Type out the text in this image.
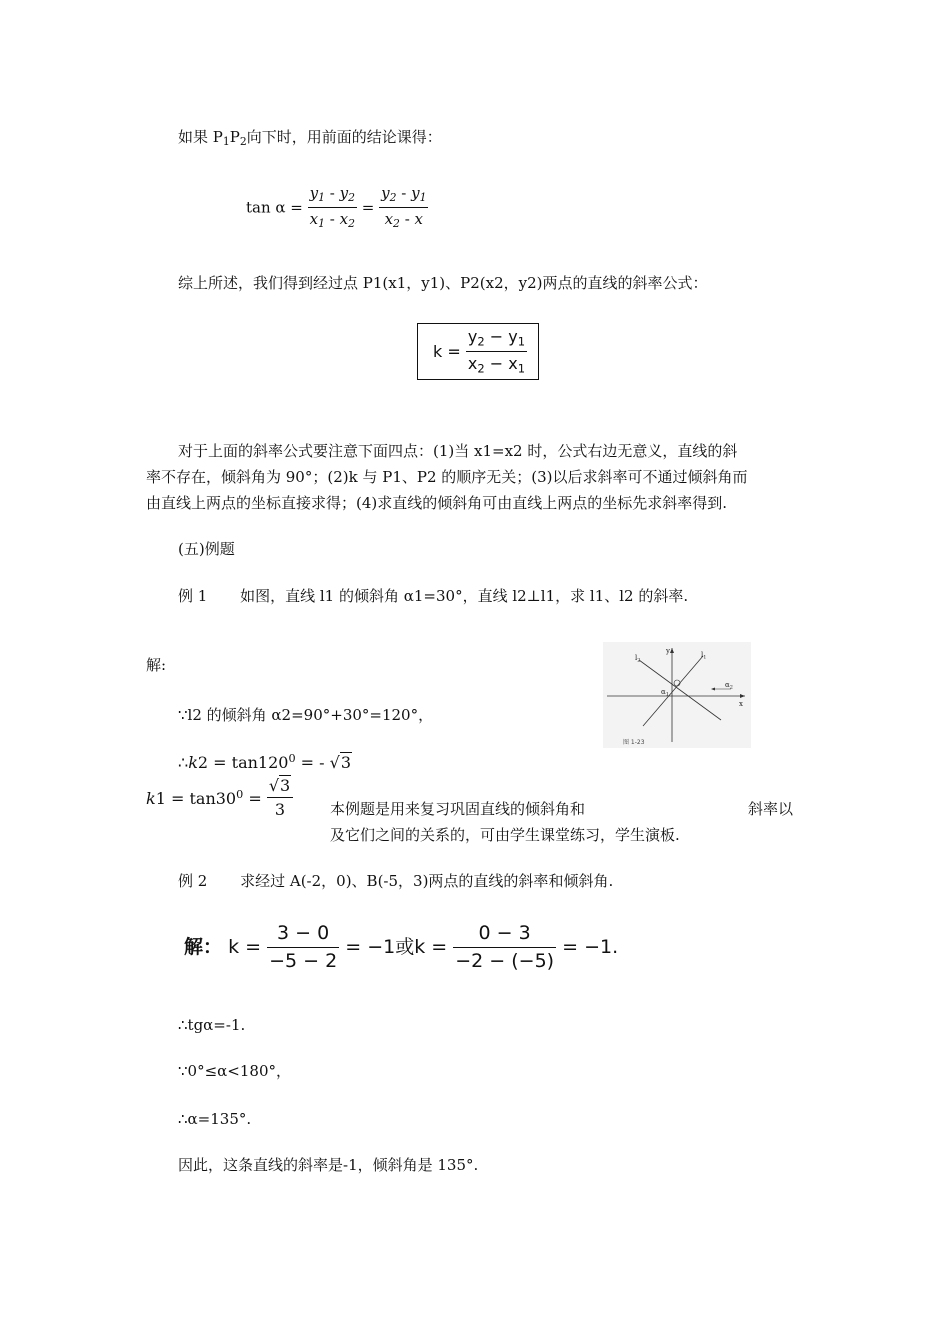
如果 $P_1P_2$向下时，用前面的结论课得：
$\tan \alpha = \frac{y_1 - y_2}{x_1 - x_2} = \frac{y_2 - y_1}{x_2 - x}$
综上所述，我们得到经过点 P1(x1，y1)、P2(x2，y2)两点的直线的斜率公式：
$k = \frac{y_2 - y_1}{x_2 - x_1}$
对于上面的斜率公式要注意下面四点：(1)当 x1=x2 时，公式右边无意义，直线的斜
率不存在，倾斜角为 90°；(2)k 与 P1、P2 的顺序无关；(3)以后求斜率可不通过倾斜角而
由直线上两点的坐标直接求得；(4)求直线的倾斜角可由直线上两点的坐标先求斜率得到.
(五)例题
例 1 如图，直线 l1 的倾斜角 α1=30°，直线 l2⊥l1，求 l1、l2 的斜率.
解:
∵l2 的倾斜角 α2=90°+30°=120°，
∴k2 = $\tan 120^0$ = - √3
$k1 = \tan 30^0 = \frac{√3}{3}$ 本例题是用来复习巩固直线的倾斜角和	斜率以
及它们之间的关系的，可由学生课堂练习，学生演板.
y
x
$l_1$
$l_2$
$\alpha_1$
$\alpha_2$
图 1-23
例 2 求经过 A(-2，0)、B(-5，3)两点的直线的斜率和倾斜角.
解： $k = \frac{3 - 0}{-5 - 2} = -1$或$k = \frac{0 - 3}{-2 - (-5)} = -1$.
∴tgα=-1.
∵0°≤α<180°，
∴α=135°.
因此，这条直线的斜率是-1，倾斜角是 135°.
